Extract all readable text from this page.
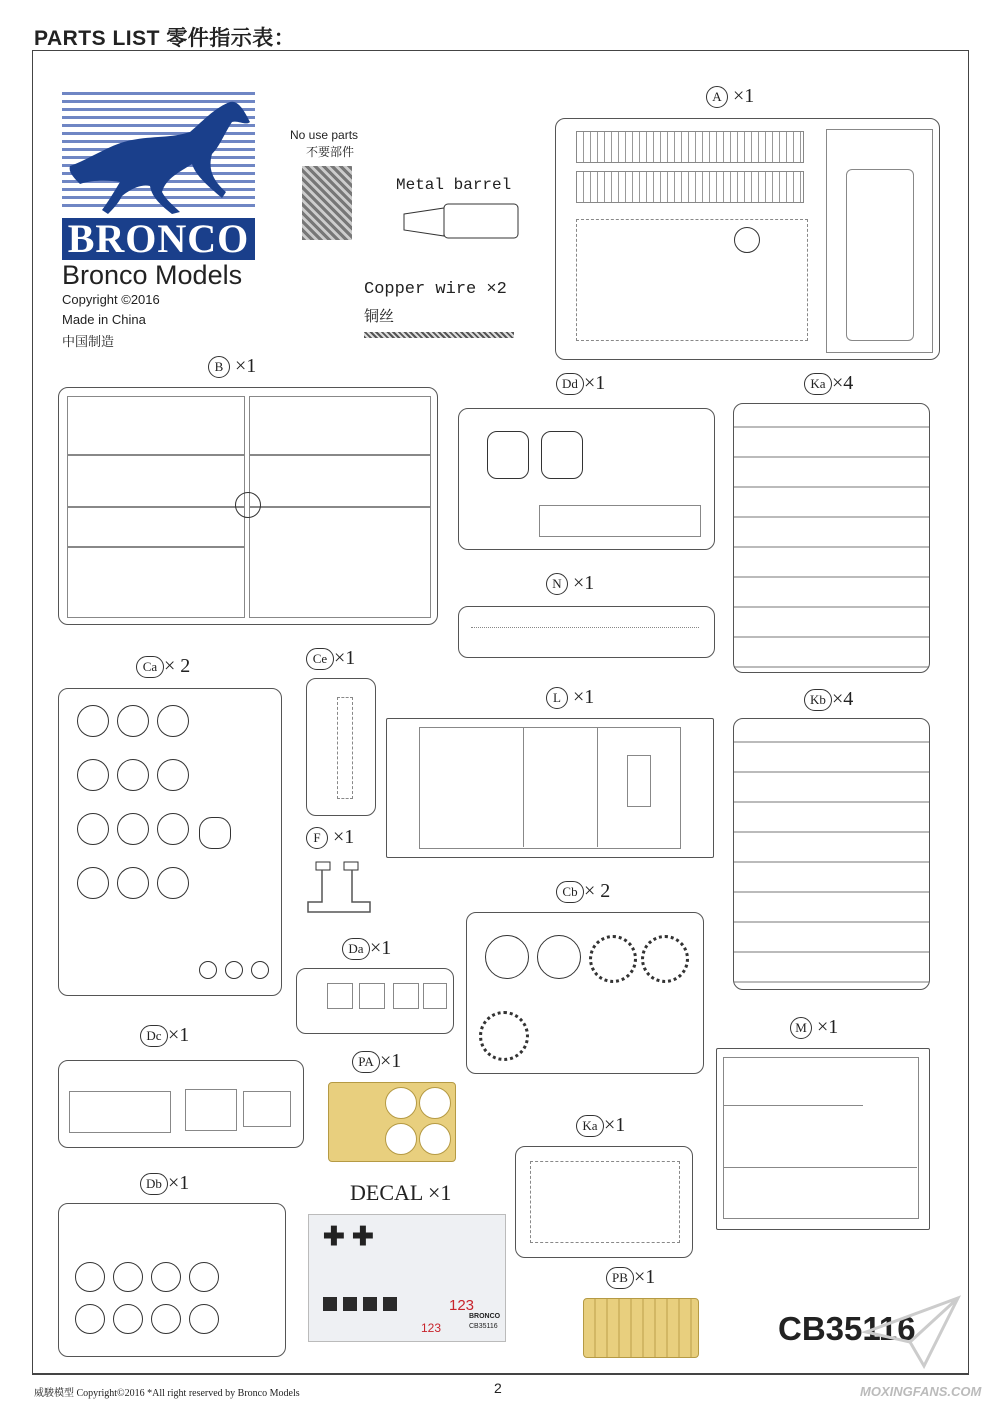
PARTS LIST 零件指示表：
BRONCO
Bronco Models
Copyright ©2016
Made in China
中国制造
No use parts
不要部件
Metal barrel
Copper wire ×2
铜丝
A ×1
B ×1
Dd ×1
N ×1
Ka ×4
Kb ×4
Ca × 2	Ce ×1
F ×1
L ×1
Cb × 2
Da ×1
Dc ×1
PA ×1
M ×1
Ka ×1
Db ×1	DECAL ×1
✚ ✚
123
123
BRONCO
CB35116
PB ×1
CB35116
威駿模型 Copyright©2016 *All right reserved by Bronco Models	2	MOXINGFANS.COM
